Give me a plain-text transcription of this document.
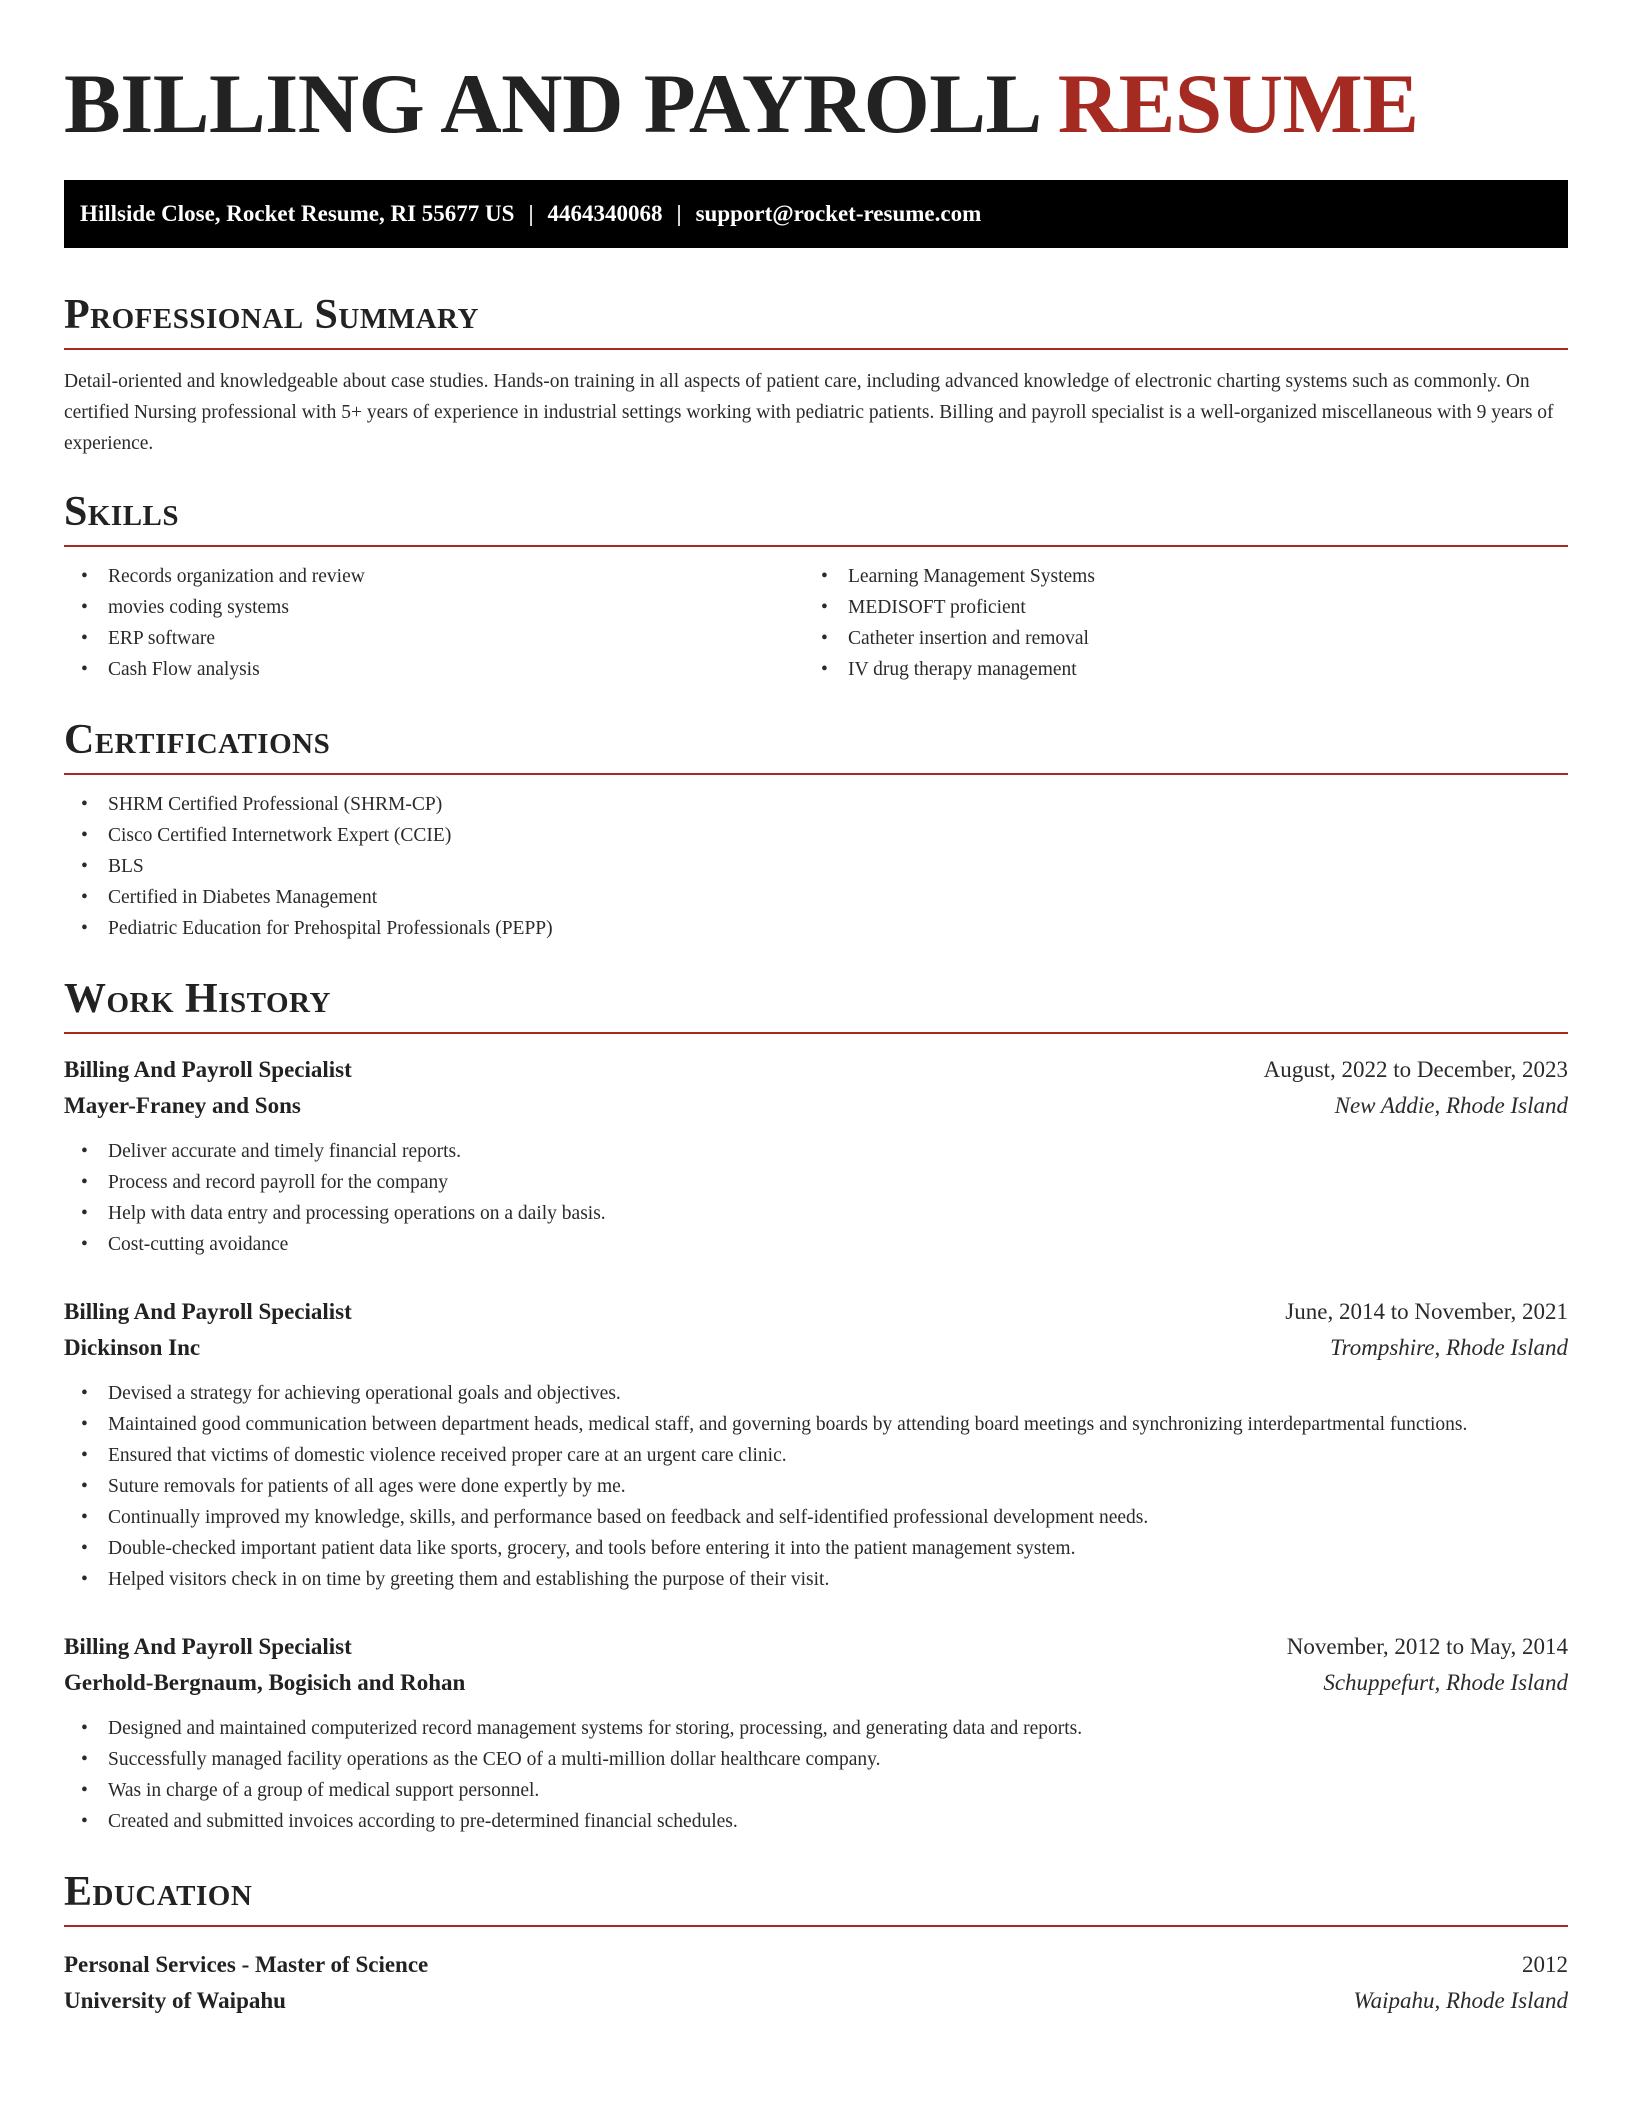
BILLING AND PAYROLL RESUME
Hillside Close, Rocket Resume, RI 55677 US | 4464340068 | support@rocket-resume.com
Professional Summary

Detail-oriented and knowledgeable about case studies. Hands-on training in all aspects of patient care, including advanced knowledge of electronic charting systems such as commonly. On certified Nursing professional with 5+ years of experience in industrial settings working with pediatric patients. Billing and payroll specialist is a well-organized miscellaneous with 9 years of experience.

Skills
• Records organization and review
• movies coding systems
• ERP software
• Cash Flow analysis
• Learning Management Systems
• MEDISOFT proficient
• Catheter insertion and removal
• IV drug therapy management
Certifications
• SHRM Certified Professional (SHRM-CP)
• Cisco Certified Internetwork Expert (CCIE)
• BLS
• Certified in Diabetes Management
• Pediatric Education for Prehospital Professionals (PEPP)
Work History
Billing And Payroll Specialist	August, 2022 to December, 2023
Mayer-Franey and Sons	New Addie, Rhode Island
• Deliver accurate and timely financial reports.
• Process and record payroll for the company
• Help with data entry and processing operations on a daily basis.
• Cost-cutting avoidance
Billing And Payroll Specialist	June, 2014 to November, 2021
Dickinson Inc	Trompshire, Rhode Island
• Devised a strategy for achieving operational goals and objectives.
• Maintained good communication between department heads, medical staff, and governing boards by attending board meetings and synchronizing interdepartmental functions.
• Ensured that victims of domestic violence received proper care at an urgent care clinic.
• Suture removals for patients of all ages were done expertly by me.
• Continually improved my knowledge, skills, and performance based on feedback and self-identified professional development needs.
• Double-checked important patient data like sports, grocery, and tools before entering it into the patient management system.
• Helped visitors check in on time by greeting them and establishing the purpose of their visit.
Billing And Payroll Specialist	November, 2012 to May, 2014
Gerhold-Bergnaum, Bogisich and Rohan	Schuppefurt, Rhode Island
• Designed and maintained computerized record management systems for storing, processing, and generating data and reports.
• Successfully managed facility operations as the CEO of a multi-million dollar healthcare company.
• Was in charge of a group of medical support personnel.
• Created and submitted invoices according to pre-determined financial schedules.
Education
Personal Services - Master of Science	2012
University of Waipahu	Waipahu, Rhode Island
